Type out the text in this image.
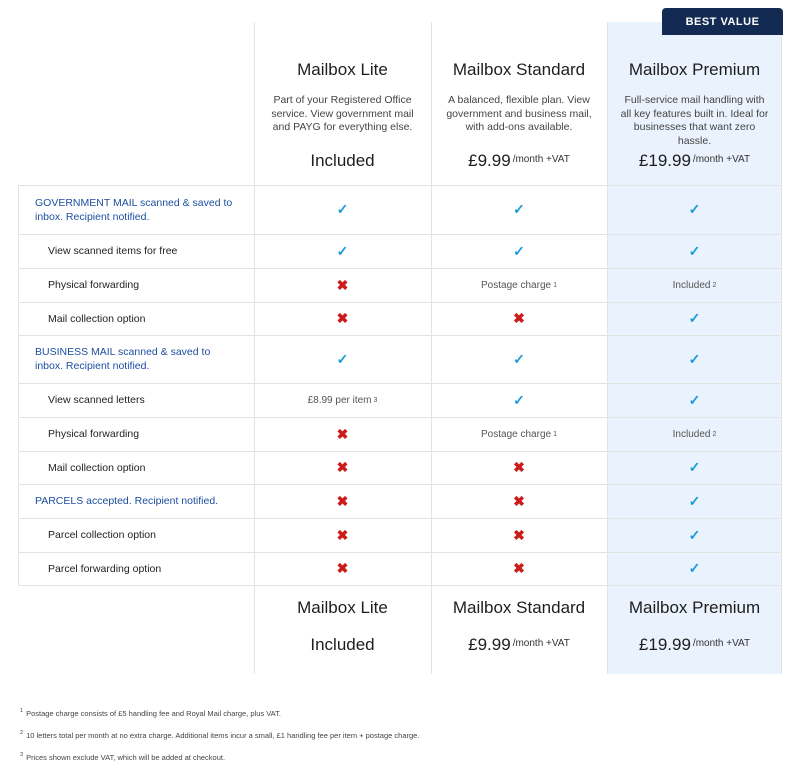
BEST VALUE
Mailbox Lite	Mailbox Standard	Mailbox Premium
Part of your Registered Office service. View government mail and PAYG for everything else.
A balanced, flexible plan. View government and business mail, with add-ons available.
Full-service mail handling with all key features built in. Ideal for businesses that want zero hassle.
Included	£9.99 $^{/month +VAT}$	£19.99 $^{/month +VAT}$
GOVERNMENT MAIL scanned & saved to inbox. Recipient notified.	✓	✓	✓
View scanned items for free	✓	✓	✓
Physical forwarding	✖	Postage charge 1	Included 2
Mail collection option	✖	✖	✓
BUSINESS MAIL scanned & saved to inbox. Recipient notified.	✓	✓	✓
View scanned letters	£8.99 per item 3	✓	✓
Physical forwarding	✖	Postage charge 1	Included 2
Mail collection option	✖	✖	✓
PARCELS accepted. Recipient notified.	✖	✖	✓
Parcel collection option	✖	✖	✓
Parcel forwarding option	✖	✖	✓
Mailbox Lite	Mailbox Standard	Mailbox Premium
Included	£9.99 $^{/month +VAT}$	£19.99 $^{/month +VAT}$
$^1$ Postage charge consists of £5 handling fee and Royal Mail charge, plus VAT.
$^2$ 10 letters total per month at no extra charge. Additional items incur a small, £1 handling fee per item + postage charge.
$^3$ Prices shown exclude VAT, which will be added at checkout.
